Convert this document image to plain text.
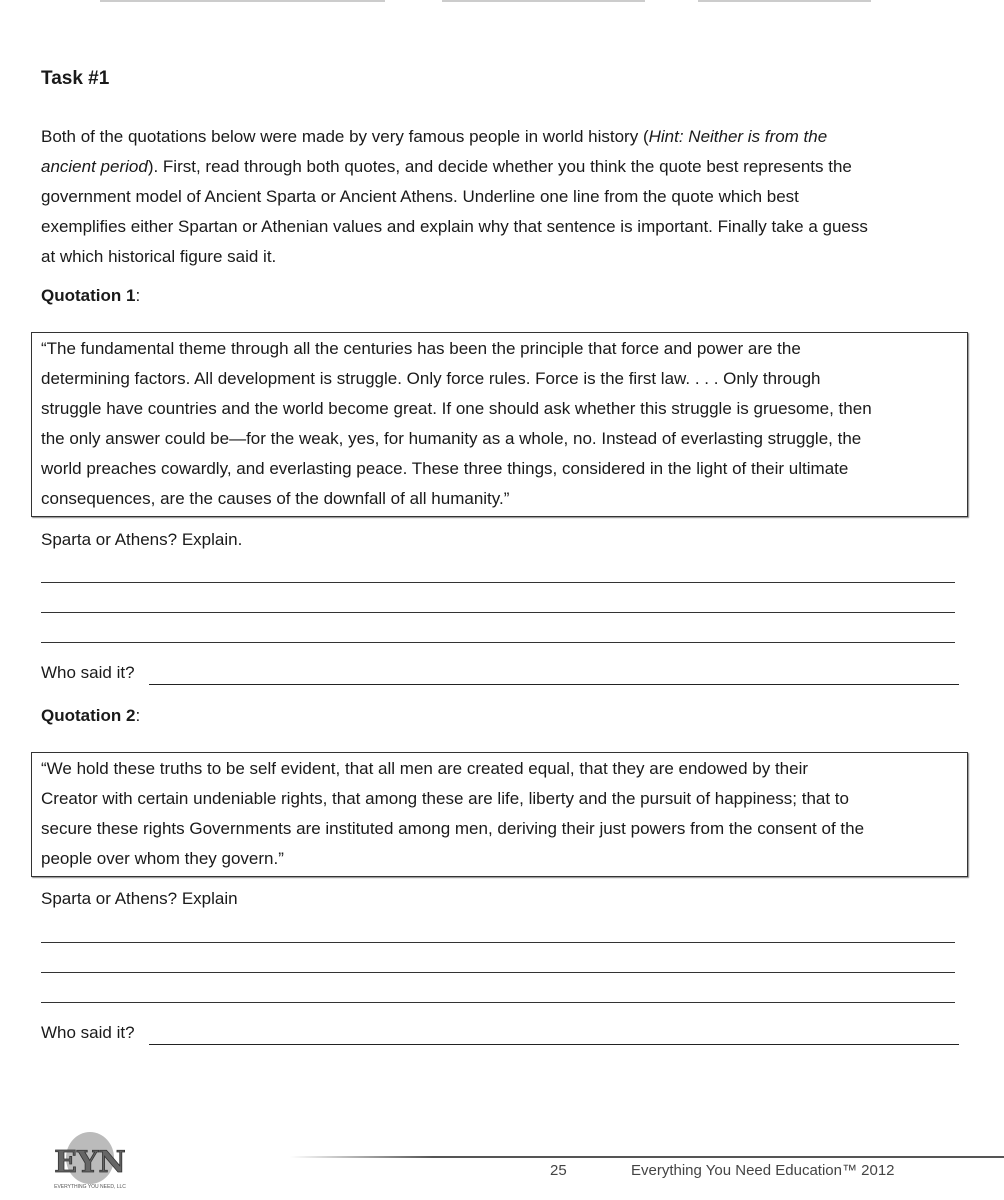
Task #1
Both of the quotations below were made by very famous people in world history (Hint: Neither is from the
ancient period). First, read through both quotes, and decide whether you think the quote best represents the
government model of Ancient Sparta or Ancient Athens. Underline one line from the quote which best
exemplifies either Spartan or Athenian values and explain why that sentence is important. Finally take a guess
at which historical figure said it.
Quotation 1:
“The fundamental theme through all the centuries has been the principle that force and power are the
determining factors. All development is struggle. Only force rules. Force is the first law. . . . Only through
struggle have countries and the world become great. If one should ask whether this struggle is gruesome, then
the only answer could be—for the weak, yes, for humanity as a whole, no. Instead of everlasting struggle, the
world preaches cowardly, and everlasting peace. These three things, considered in the light of their ultimate
consequences, are the causes of the downfall of all humanity.”
Sparta or Athens? Explain.
Who said it?
Quotation 2:
“We hold these truths to be self evident, that all men are created equal, that they are endowed by their
Creator with certain undeniable rights, that among these are life, liberty and the pursuit of happiness; that to
secure these rights Governments are instituted among men, deriving their just powers from the consent of the
people over whom they govern.”
Sparta or Athens? Explain
Who said it?
EYN
EVERYTHING YOU NEED, LLC
25	Everything You Need Education™ 2012
